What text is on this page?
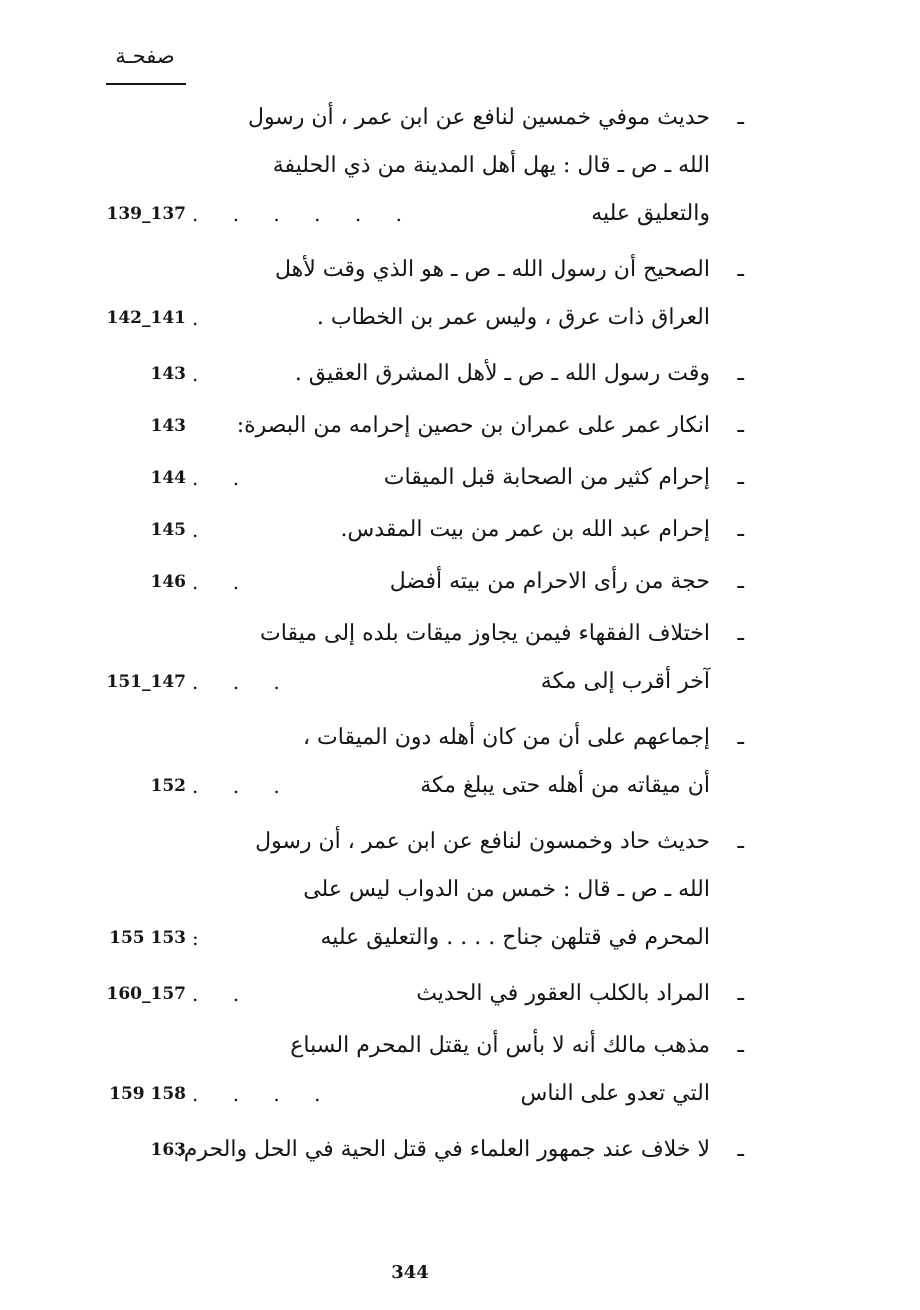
صفحـة
ـ
حديث موفي خمسين لنافع عن ابن عمر ، أن رسول
الله ـ ص ـ قال : يهل أهل المدينة من ذي الحليفة
والتعليق عليه
. . . . . .
139_137
ـ
الصحيح أن رسول الله ـ ص ـ هو الذي وقت لأهل
العراق ذات عرق ، وليس عمر بن الخطاب .
.
142_141
ـ
وقت رسول الله ـ ص ـ لأهل المشرق العقيق .
.
143
ـ
انكار عمر على عمران بن حصين إحرامه من البصرة:
143
ـ
إحرام كثير من الصحابة قبل الميقات
. .
144
ـ
إحرام عبد الله بن عمر من بيت المقدس.
.
145
ـ
حجة من رأى الاحرام من بيته أفضل
. .
146
ـ
اختلاف الفقهاء فيمن يجاوز ميقات بلده إلى ميقات
آخر أقرب إلى مكة
. . .
151_147
ـ
إجماعهم على أن من كان أهله دون الميقات ،
أن ميقاته من أهله حتى يبلغ مكة
. . .
152
ـ
حديث حاد وخمسون لنافع عن ابن عمر ، أن رسول
الله ـ ص ـ قال : خمس من الدواب ليس على
المحرم في قتلهن جناح . . . . والتعليق عليه
:
155 153
ـ
المراد بالكلب العقور في الحديث
. .
160_157
ـ
مذهب مالك أنه لا بأس أن يقتل المحرم السباع
التي تعدو على الناس
. . . .
159 158
ـ
لا خلاف عند جمهور العلماء في قتل الحية في الحل والحرم:
163
344
